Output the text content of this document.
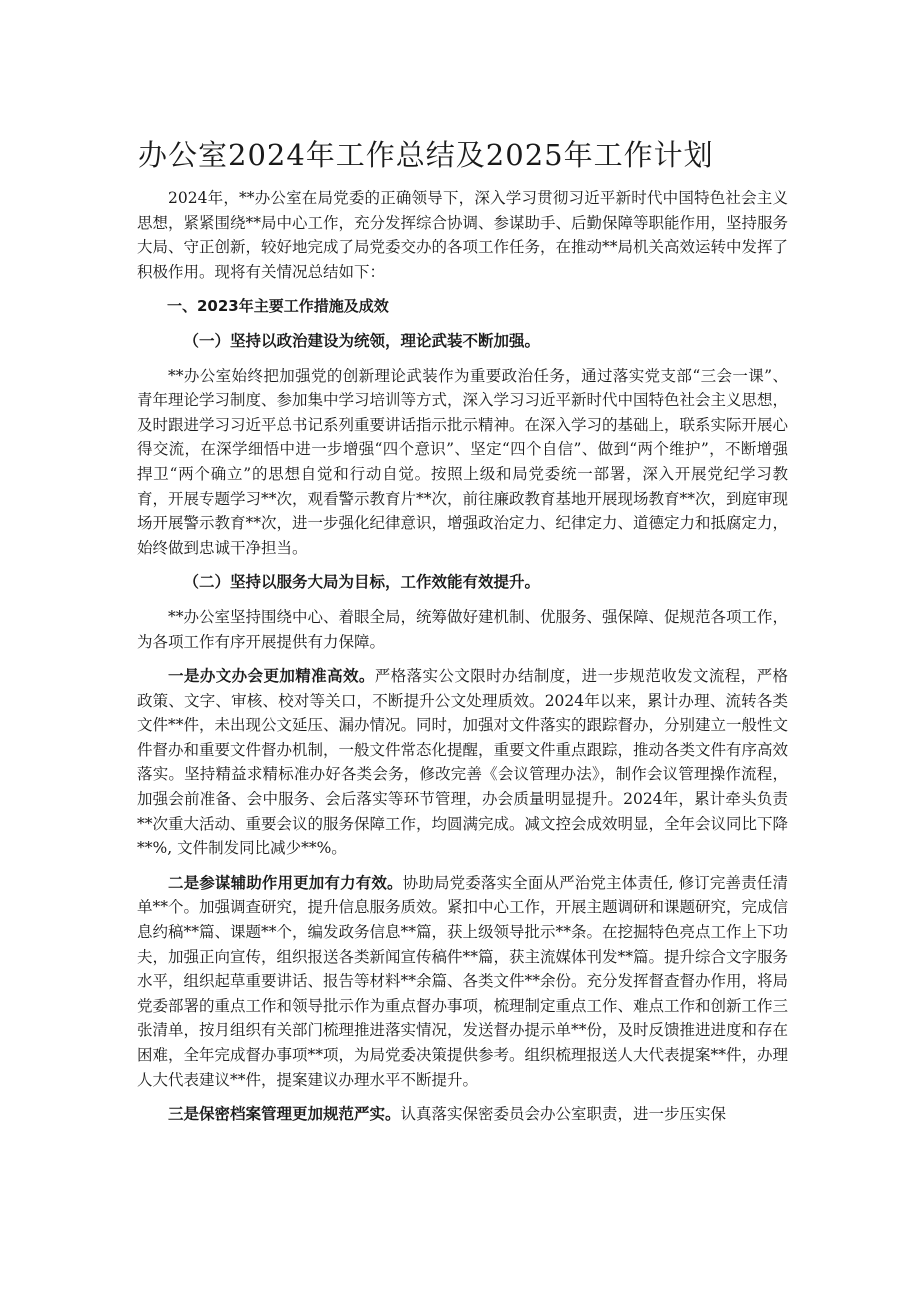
办公室2024年工作总结及2025年工作计划

2024年，**办公室在局党委的正确领导下，深入学习贯彻习近平新时代中国特色社会主义思想，紧紧围绕**局中心工作，充分发挥综合协调、参谋助手、后勤保障等职能作用，坚持服务大局、守正创新，较好地完成了局党委交办的各项工作任务，在推动**局机关高效运转中发挥了积极作用。现将有关情况总结如下：

一、2023年主要工作措施及成效

（一）坚持以政治建设为统领，理论武装不断加强。

**办公室始终把加强党的创新理论武装作为重要政治任务，通过落实党支部“三会一课”、青年理论学习制度、参加集中学习培训等方式，深入学习习近平新时代中国特色社会主义思想，及时跟进学习习近平总书记系列重要讲话指示批示精神。在深入学习的基础上，联系实际开展心得交流，在深学细悟中进一步增强“四个意识”、坚定“四个自信”、做到“两个维护”，不断增强捍卫“两个确立”的思想自觉和行动自觉。按照上级和局党委统一部署，深入开展党纪学习教育，开展专题学习**次，观看警示教育片**次，前往廉政教育基地开展现场教育**次，到庭审现场开展警示教育**次，进一步强化纪律意识，增强政治定力、纪律定力、道德定力和抵腐定力，始终做到忠诚干净担当。

（二）坚持以服务大局为目标，工作效能有效提升。

**办公室坚持围绕中心、着眼全局，统筹做好建机制、优服务、强保障、促规范各项工作，为各项工作有序开展提供有力保障。

一是办文办会更加精准高效。严格落实公文限时办结制度，进一步规范收发文流程，严格政策、文字、审核、校对等关口，不断提升公文处理质效。2024年以来，累计办理、流转各类文件**件，未出现公文延压、漏办情况。同时，加强对文件落实的跟踪督办，分别建立一般性文件督办和重要文件督办机制，一般文件常态化提醒，重要文件重点跟踪，推动各类文件有序高效落实。坚持精益求精标准办好各类会务，修改完善《会议管理办法》，制作会议管理操作流程，加强会前准备、会中服务、会后落实等环节管理，办会质量明显提升。2024年，累计牵头负责**次重大活动、重要会议的服务保障工作，均圆满完成。减文控会成效明显，全年会议同比下降**%, 文件制发同比减少**%。

二是参谋辅助作用更加有力有效。协助局党委落实全面从严治党主体责任, 修订完善责任清单**个。加强调查研究，提升信息服务质效。紧扣中心工作，开展主题调研和课题研究，完成信息约稿**篇、课题**个，编发政务信息**篇，获上级领导批示**条。在挖掘特色亮点工作上下功夫，加强正向宣传，组织报送各类新闻宣传稿件**篇，获主流媒体刊发**篇。提升综合文字服务水平，组织起草重要讲话、报告等材料**余篇、各类文件**余份。充分发挥督查督办作用，将局党委部署的重点工作和领导批示作为重点督办事项，梳理制定重点工作、难点工作和创新工作三张清单，按月组织有关部门梳理推进落实情况，发送督办提示单**份，及时反馈推进进度和存在困难，全年完成督办事项**项，为局党委决策提供参考。组织梳理报送人大代表提案**件，办理人大代表建议**件，提案建议办理水平不断提升。

三是保密档案管理更加规范严实。认真落实保密委员会办公室职责，进一步压实保
